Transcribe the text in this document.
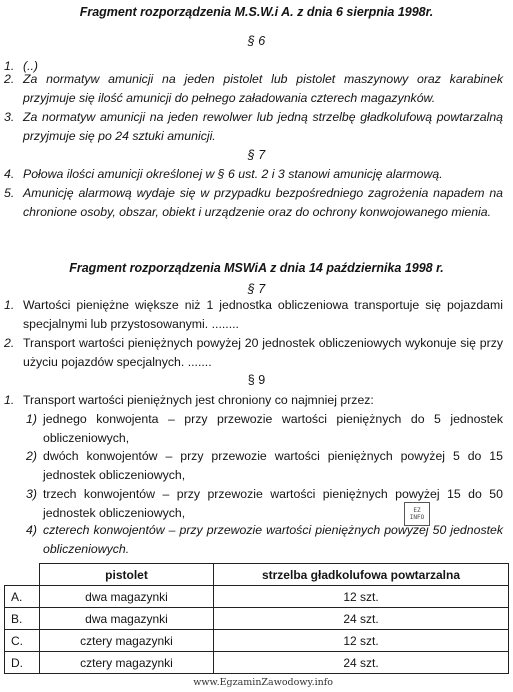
Fragment rozporządzenia M.S.W.i A. z dnia 6 sierpnia 1998r.
§ 6
1. (..)
2. Za normatyw amunicji na jeden pistolet lub pistolet maszynowy oraz karabinek przyjmuje się ilość amunicji do pełnego załadowania czterech magazynków.
3. Za normatyw amunicji na jeden rewolwer lub jedną strzelbę gładkolufową powtarzalną przyjmuje się po 24 sztuki amunicji.
§ 7
4. Połowa ilości amunicji określonej w § 6 ust. 2 i 3 stanowi amunicję alarmową.
5. Amunicję alarmową wydaje się w przypadku bezpośredniego zagrożenia napadem na chronione osoby, obszar, obiekt i urządzenie oraz do ochrony konwojowanego mienia.
Fragment rozporządzenia MSWiA z dnia 14 października 1998 r.
§ 7
1. Wartości pieniężne większe niż 1 jednostka obliczeniowa transportuje się pojazdami specjalnymi lub przystosowanymi. ........
2. Transport wartości pieniężnych powyżej 20 jednostek obliczeniowych wykonuje się przy użyciu pojazdów specjalnych. .......
§ 9
1. Transport wartości pieniężnych jest chroniony co najmniej przez:
1) jednego konwojenta – przy przewozie wartości pieniężnych do 5 jednostek obliczeniowych,
2) dwóch konwojentów – przy przewozie wartości pieniężnych powyżej 5 do 15 jednostek obliczeniowych,
3) trzech konwojentów – przy przewozie wartości pieniężnych powyżej 15 do 50 jednostek obliczeniowych,
4) czterech konwojentów – przy przewozie wartości pieniężnych powyżej 50 jednostek obliczeniowych.
EZ INFO
	pistolet	strzelba gładkolufowa powtarzalna
A.	dwa magazynki	12 szt.
B.	dwa magazynki	24 szt.
C.	cztery magazynki	12 szt.
D.	cztery magazynki	24 szt.
www.EgzaminZawodowy.info
